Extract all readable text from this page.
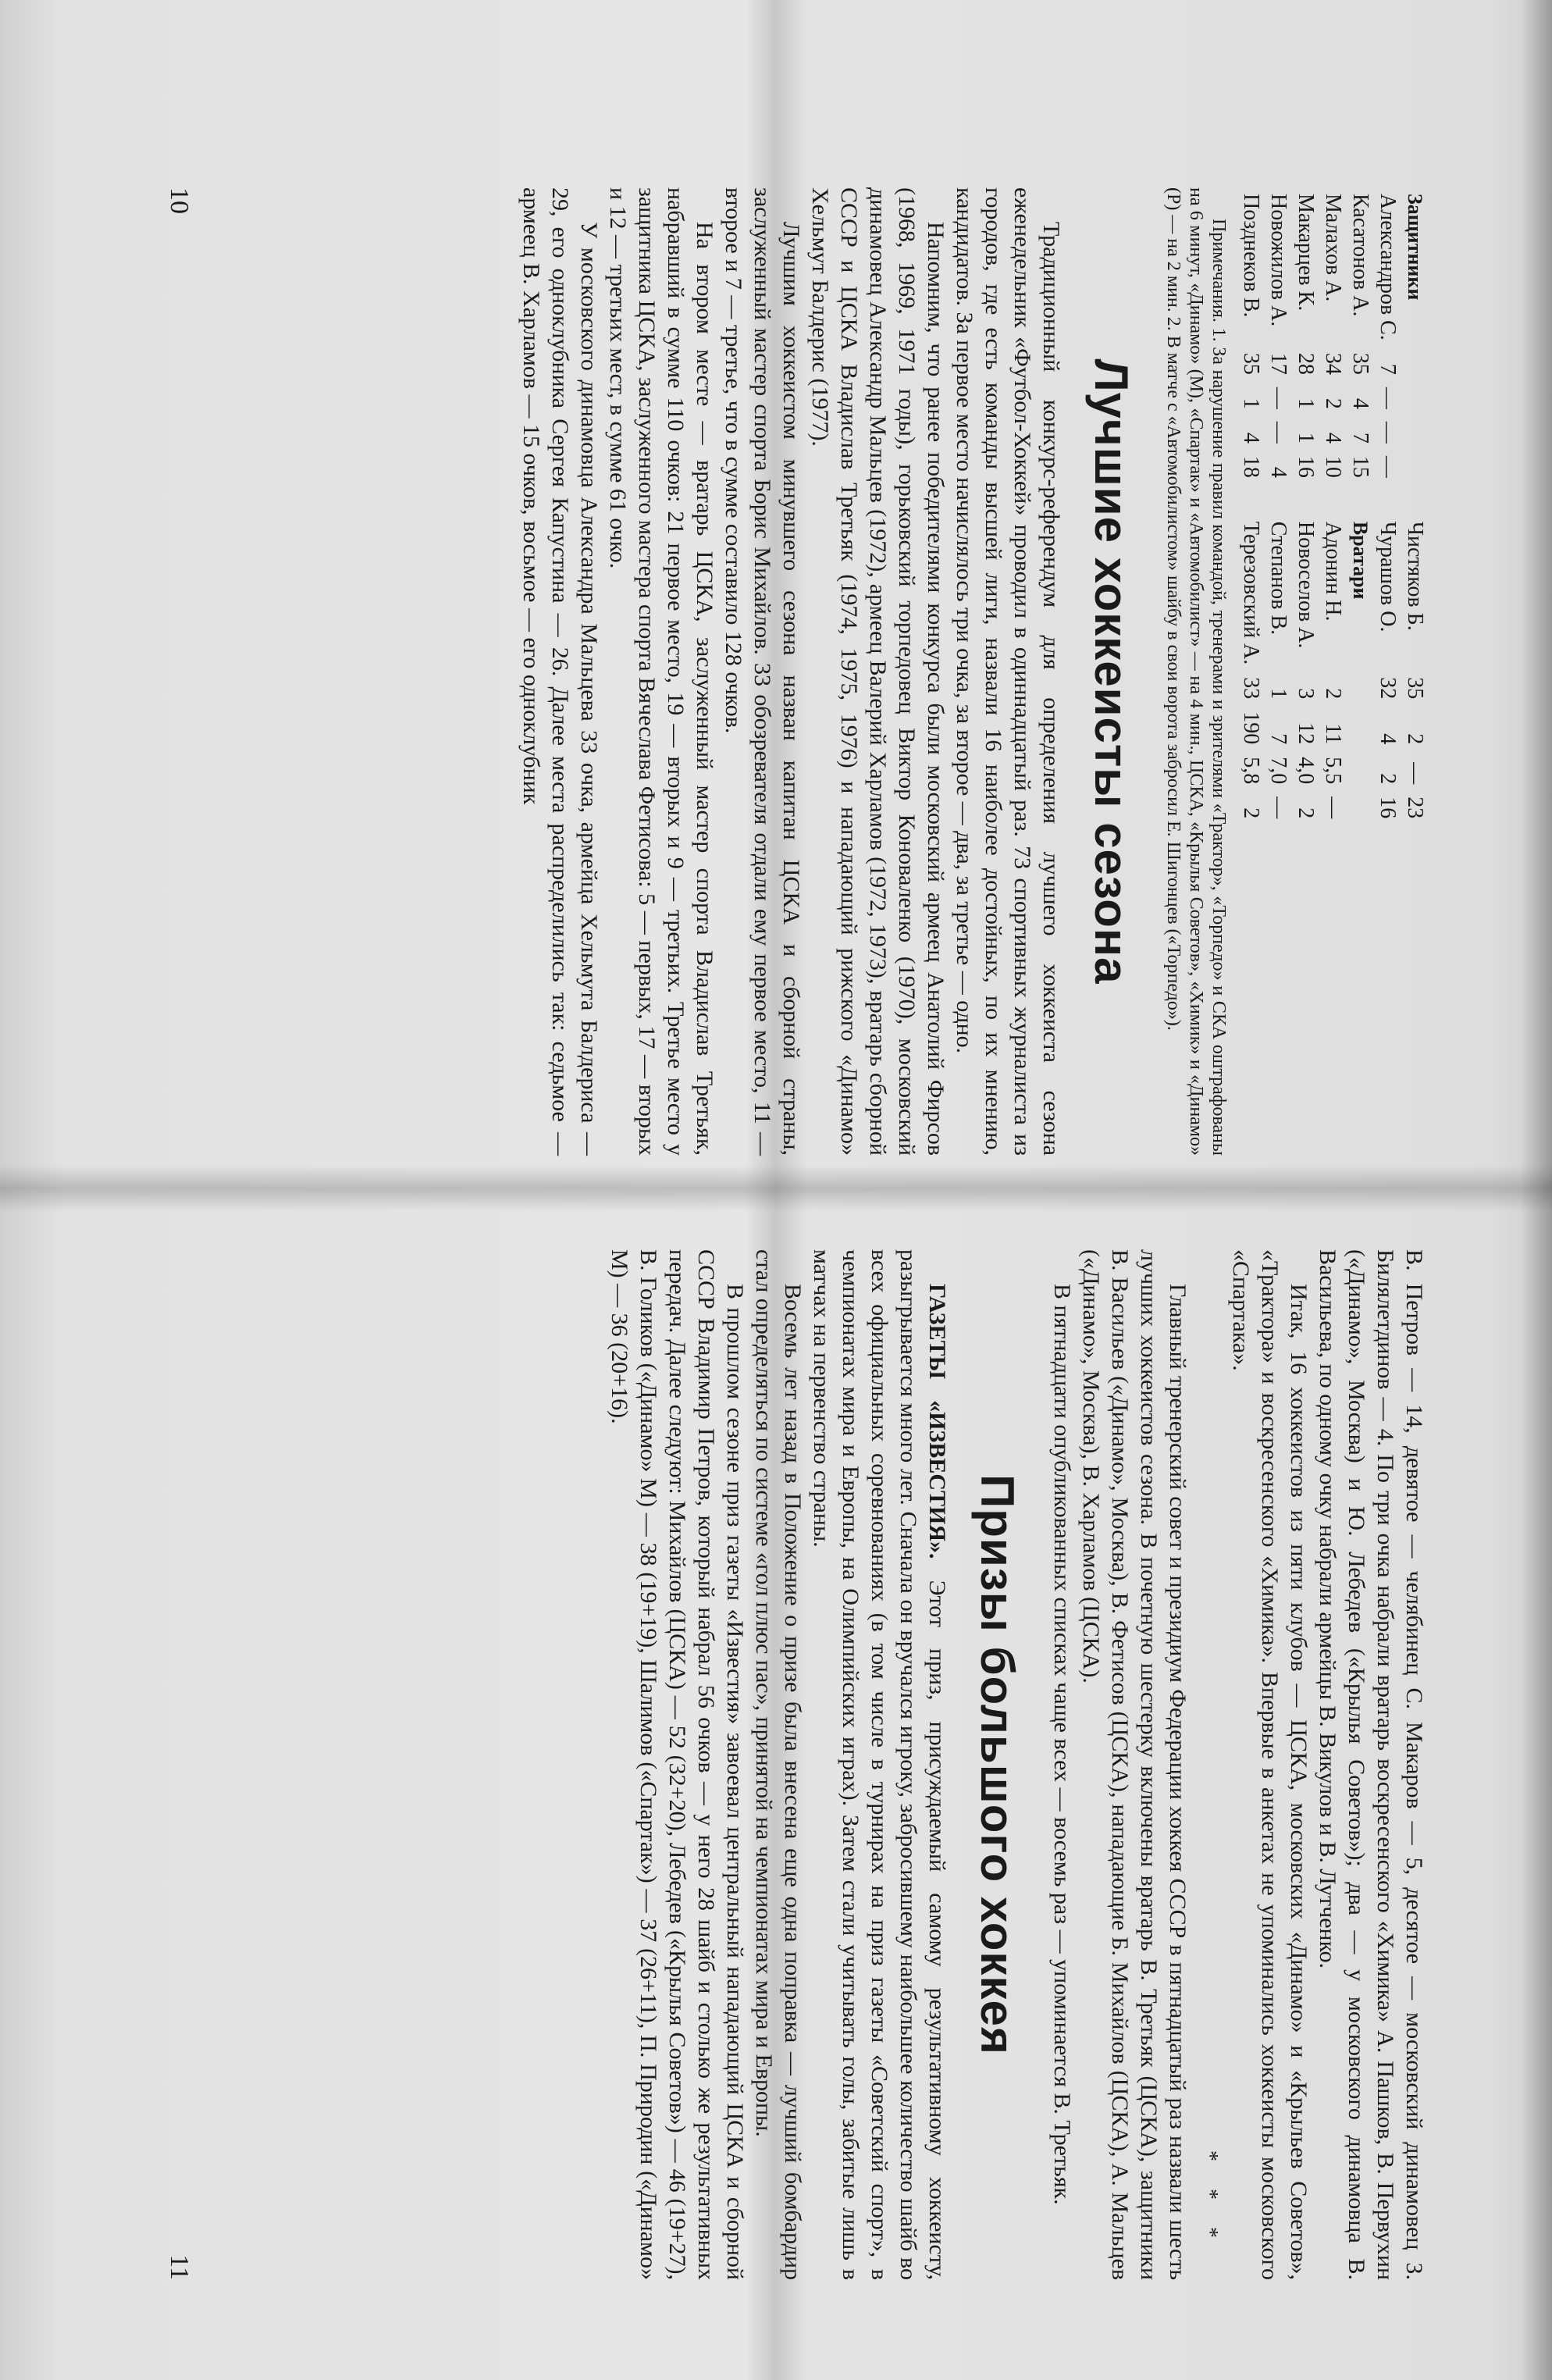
Защитники				
Александров С.	7	—	—	—
Касатонов А.	35	4	7	15
Малахов А.	34	2	4	10
Макарцев К.	28	1	1	16
Новожилов А.	17	—	—	4
Позднеков В.	35	1	4	18
Чистяков Б.	35	2	—	23
Чурашов О.	32	4	2	16
Вратари				
Адонин Н.	2	11	5,5	—
Новоселов А.	3	12	4,0	2
Степанов В.	1	7	7,0	—
Терезовский А.	33	190	5,8	2

Примечания. 1. За нарушение правил командой, тренерами и зрителями «Трактор», «Торпедо» и СКА оштрафованы на 6 минут, «Динамо» (М), «Спартак» и «Автомобилист» — на 4 мин., ЦСКА, «Крылья Советов», «Химик» и «Динамо» (Р) — на 2 мин. 2. В матче с «Автомобилистом» шайбу в свои ворота забросил Е. Шигонцев («Торпедо»).

Лучшие хоккеисты сезона

Традиционный конкурс-референдум для определения лучшего хоккеиста сезона еженедельник «Футбол-Хоккей» проводил в одиннадцатый раз. 73 спортивных журналиста из городов, где есть команды высшей лиги, назвали 16 наиболее достойных, по их мнению, кандидатов. За первое место начислялось три очка, за второе — два, за третье — одно.

Напомним, что ранее победителями конкурса были московский армеец Анатолий Фирсов (1968, 1969, 1971 годы), горьковский торпедовец Виктор Коноваленко (1970), московский динамовец Александр Мальцев (1972), армеец Валерий Харламов (1972, 1973), вратарь сборной СССР и ЦСКА Владислав Третьяк (1974, 1975, 1976) и нападающий рижского «Динамо» Хельмут Балдерис (1977).

Лучшим хоккеистом минувшего сезона назван капитан ЦСКА и сборной страны, заслуженный мастер спорта Борис Михайлов. 33 обозревателя отдали ему первое место, 11 — второе и 7 — третье, что в сумме составило 128 очков.

На втором месте — вратарь ЦСКА, заслуженный мастер спорта Владислав Третьяк, набравший в сумме 110 очков: 21 первое место, 19 — вторых и 9 — третьих. Третье место у защитника ЦСКА, заслуженного мастера спорта Вячеслава Фетисова: 5 — первых, 17 — вторых и 12 — третьих мест, в сумме 61 очко.

У московского динамовца Александра Мальцева 33 очка, армейца Хельмута Балдериса — 29, его одноклубника Сергея Капустина — 26. Далее места распределились так: седьмое — армеец В. Харламов — 15 очков, восьмое — его одноклубник

10

В. Петров — 14, девятое — челябинец С. Макаров — 5, десятое — московский динамовец З. Билялетдинов — 4. По три очка набрали вратарь воскресенского «Химика» А. Пашков, В. Первухин («Динамо», Москва) и Ю. Лебедев («Крылья Советов»); два — у московского динамовца В. Васильева, по одному очку набрали армейцы В. Викулов и В. Лутченко.

Итак, 16 хоккеистов из пяти клубов — ЦСКА, московских «Динамо» и «Крыльев Советов», «Трактора» и воскресенского «Химика». Впервые в анкетах не упоминались хоккеисты московского «Спартака».

* * *

Главный тренерский совет и президиум Федерации хоккея СССР в пятнадцатый раз назвали шесть лучших хоккеистов сезона. В почетную шестерку включены вратарь В. Третьяк (ЦСКА), защитники В. Васильев («Динамо», Москва), В. Фетисов (ЦСКА), нападающие Б. Михайлов (ЦСКА), А. Мальцев («Динамо», Москва), В. Харламов (ЦСКА).

В пятнадцати опубликованных списках чаще всех — восемь раз — упоминается В. Третьяк.

Призы большого хоккея

ГАЗЕТЫ «ИЗВЕСТИЯ». Этот приз, присуждаемый самому результативному хоккеисту, разыгрывается много лет. Сначала он вручался игроку, забросившему наибольшее количество шайб во всех официальных соревнованиях (в том числе в турнирах на приз газеты «Советский спорт», в чемпионатах мира и Европы, на Олимпийских играх). Затем стали учитывать голы, забитые лишь в матчах на первенство страны.

Восемь лет назад в Положение о призе была внесена еще одна поправка — лучший бомбардир стал определяться по системе «гол плюс пас», принятой на чемпионатах мира и Европы.

В прошлом сезоне приз газеты «Известия» завоевал центральный нападающий ЦСКА и сборной СССР Владимир Петров, который набрал 56 очков — у него 28 шайб и столько же результативных передач. Далее следуют: Михайлов (ЦСКА) — 52 (32+20), Лебедев («Крылья Советов») — 46 (19+27), В. Голиков («Динамо» М) — 38 (19+19), Шалимов («Спартак») — 37 (26+11), П. Природин («Динамо» М) — 36 (20+16).

11
